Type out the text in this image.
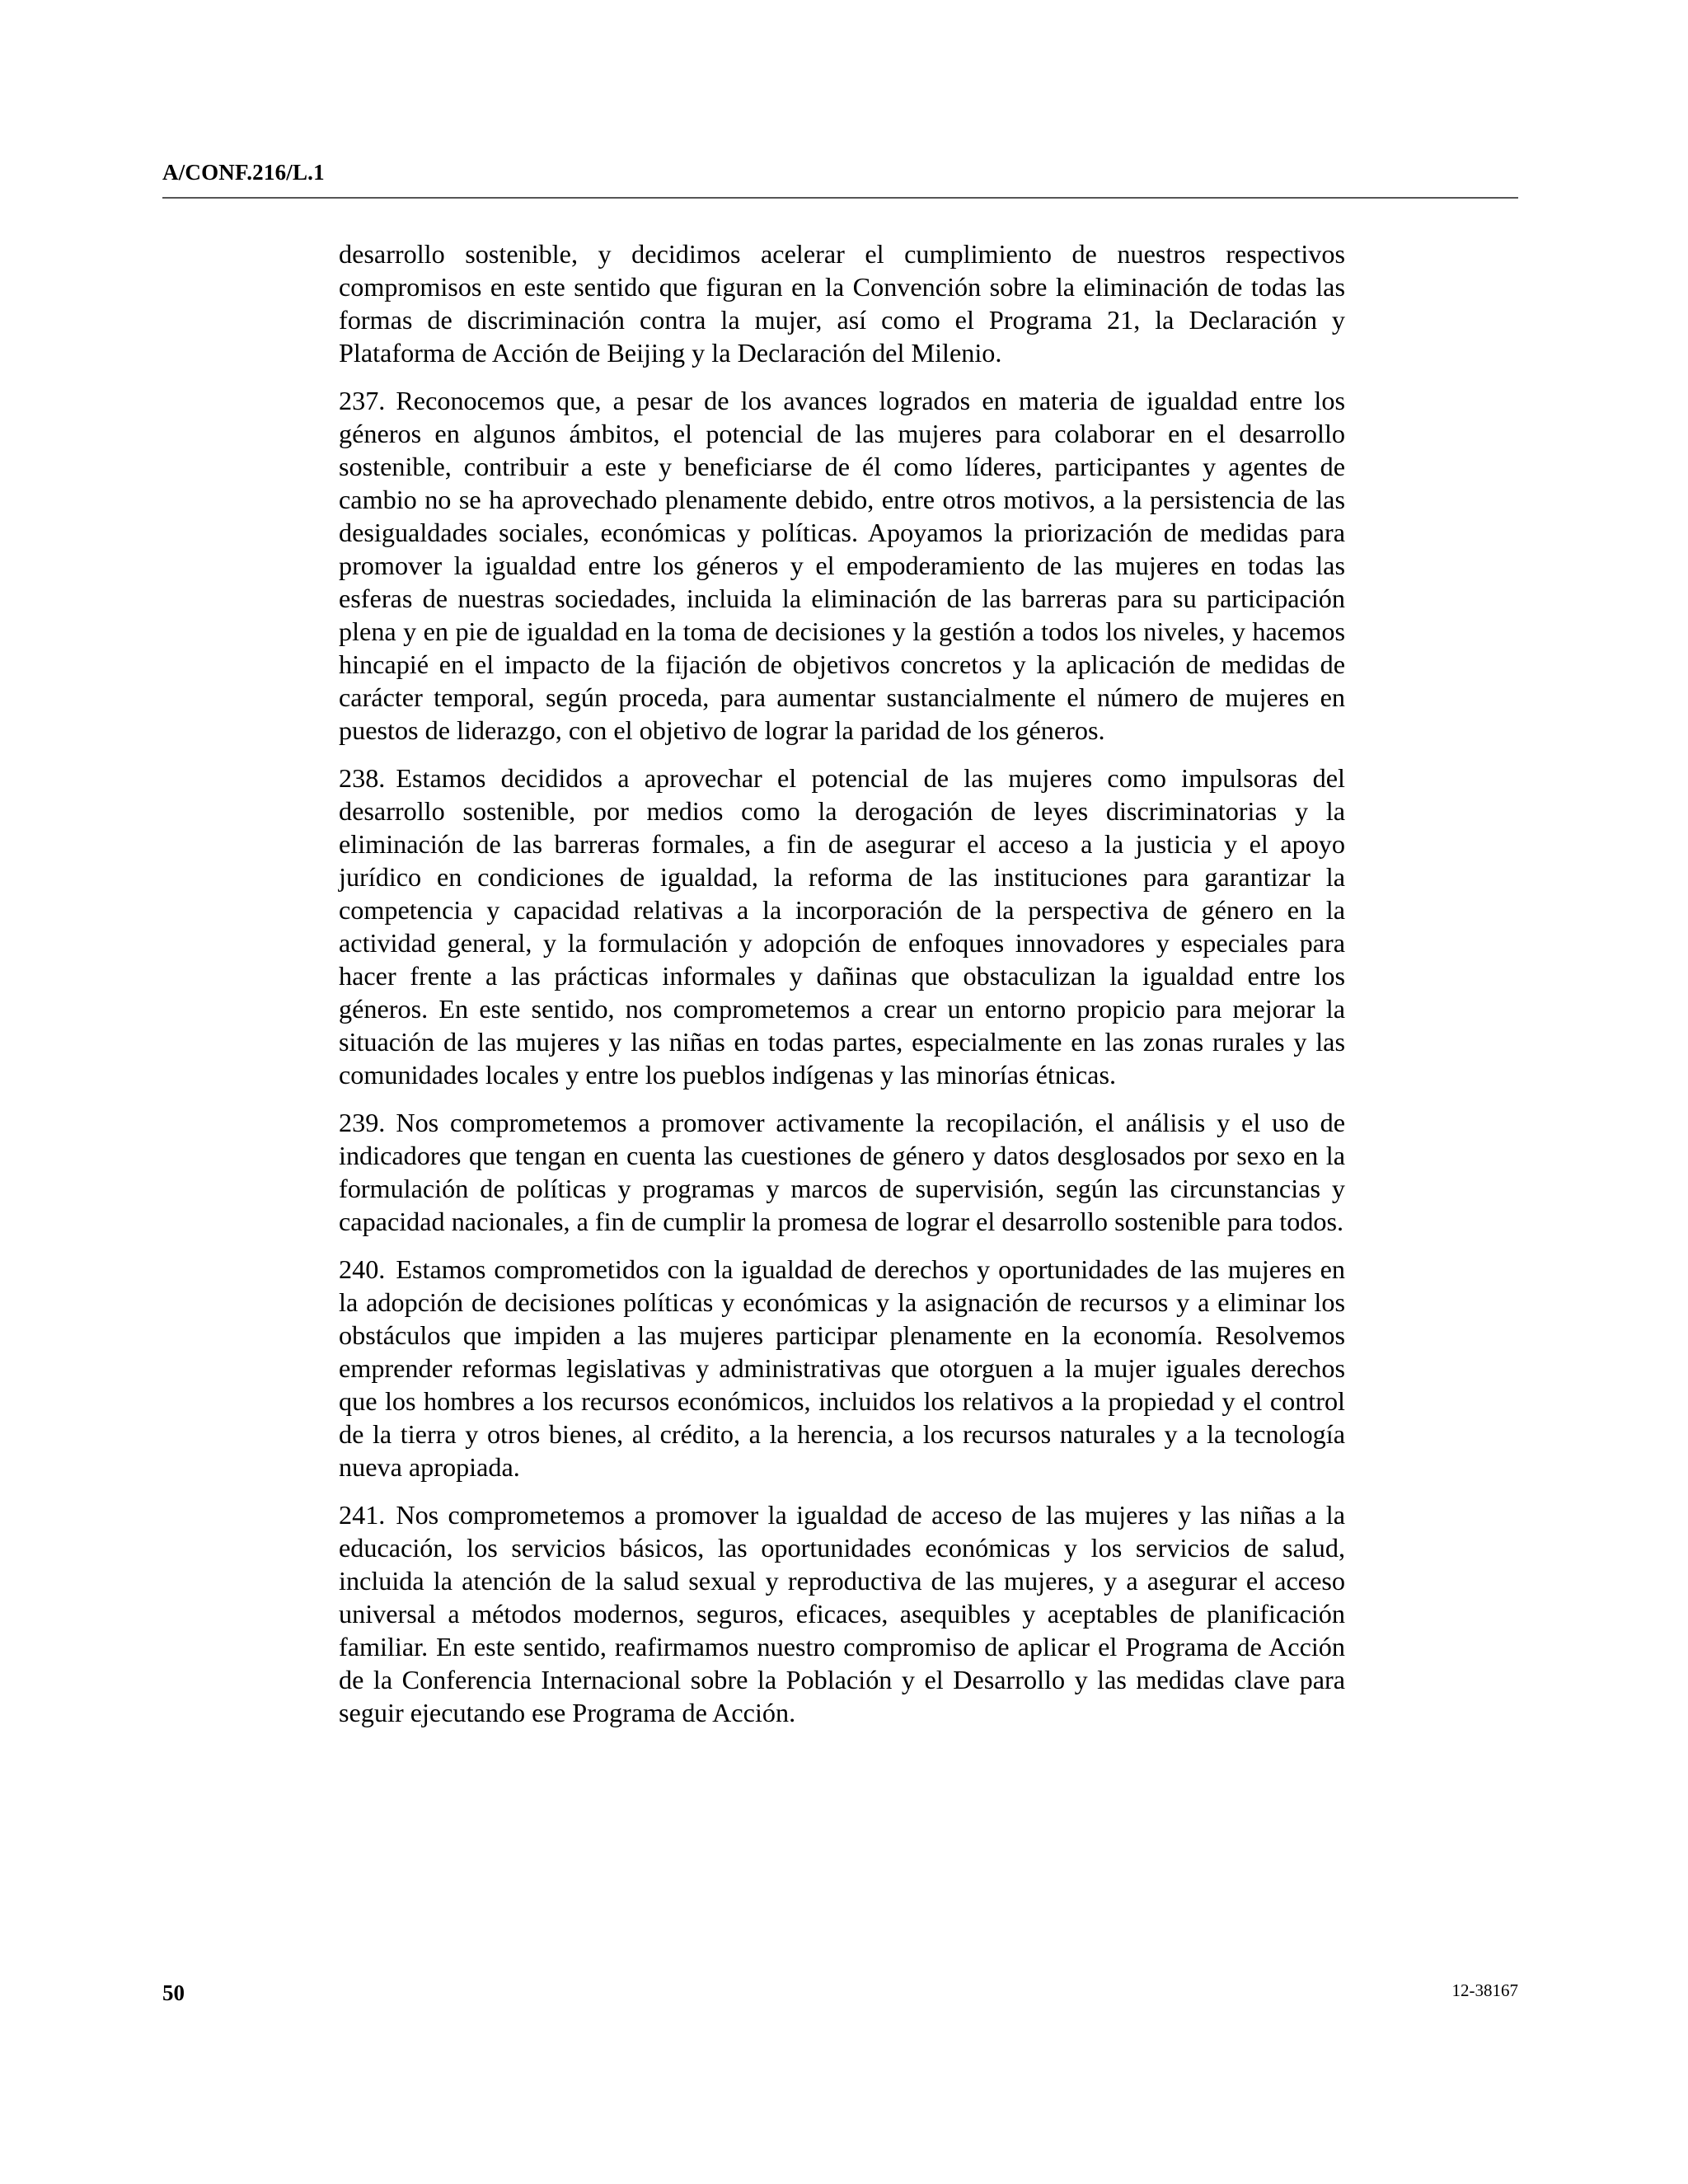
A/CONF.216/L.1

desarrollo sostenible, y decidimos acelerar el cumplimiento de nuestros respectivos compromisos en este sentido que figuran en la Convención sobre la eliminación de todas las formas de discriminación contra la mujer, así como el Programa 21, la Declaración y Plataforma de Acción de Beijing y la Declaración del Milenio.

237. Reconocemos que, a pesar de los avances logrados en materia de igualdad entre los géneros en algunos ámbitos, el potencial de las mujeres para colaborar en el desarrollo sostenible, contribuir a este y beneficiarse de él como líderes, participantes y agentes de cambio no se ha aprovechado plenamente debido, entre otros motivos, a la persistencia de las desigualdades sociales, económicas y políticas. Apoyamos la priorización de medidas para promover la igualdad entre los géneros y el empoderamiento de las mujeres en todas las esferas de nuestras sociedades, incluida la eliminación de las barreras para su participación plena y en pie de igualdad en la toma de decisiones y la gestión a todos los niveles, y hacemos hincapié en el impacto de la fijación de objetivos concretos y la aplicación de medidas de carácter temporal, según proceda, para aumentar sustancialmente el número de mujeres en puestos de liderazgo, con el objetivo de lograr la paridad de los géneros.

238. Estamos decididos a aprovechar el potencial de las mujeres como impulsoras del desarrollo sostenible, por medios como la derogación de leyes discriminatorias y la eliminación de las barreras formales, a fin de asegurar el acceso a la justicia y el apoyo jurídico en condiciones de igualdad, la reforma de las instituciones para garantizar la competencia y capacidad relativas a la incorporación de la perspectiva de género en la actividad general, y la formulación y adopción de enfoques innovadores y especiales para hacer frente a las prácticas informales y dañinas que obstaculizan la igualdad entre los géneros. En este sentido, nos comprometemos a crear un entorno propicio para mejorar la situación de las mujeres y las niñas en todas partes, especialmente en las zonas rurales y las comunidades locales y entre los pueblos indígenas y las minorías étnicas.

239. Nos comprometemos a promover activamente la recopilación, el análisis y el uso de indicadores que tengan en cuenta las cuestiones de género y datos desglosados por sexo en la formulación de políticas y programas y marcos de supervisión, según las circunstancias y capacidad nacionales, a fin de cumplir la promesa de lograr el desarrollo sostenible para todos.

240. Estamos comprometidos con la igualdad de derechos y oportunidades de las mujeres en la adopción de decisiones políticas y económicas y la asignación de recursos y a eliminar los obstáculos que impiden a las mujeres participar plenamente en la economía. Resolvemos emprender reformas legislativas y administrativas que otorguen a la mujer iguales derechos que los hombres a los recursos económicos, incluidos los relativos a la propiedad y el control de la tierra y otros bienes, al crédito, a la herencia, a los recursos naturales y a la tecnología nueva apropiada.

241. Nos comprometemos a promover la igualdad de acceso de las mujeres y las niñas a la educación, los servicios básicos, las oportunidades económicas y los servicios de salud, incluida la atención de la salud sexual y reproductiva de las mujeres, y a asegurar el acceso universal a métodos modernos, seguros, eficaces, asequibles y aceptables de planificación familiar. En este sentido, reafirmamos nuestro compromiso de aplicar el Programa de Acción de la Conferencia Internacional sobre la Población y el Desarrollo y las medidas clave para seguir ejecutando ese Programa de Acción.

50	12-38167
